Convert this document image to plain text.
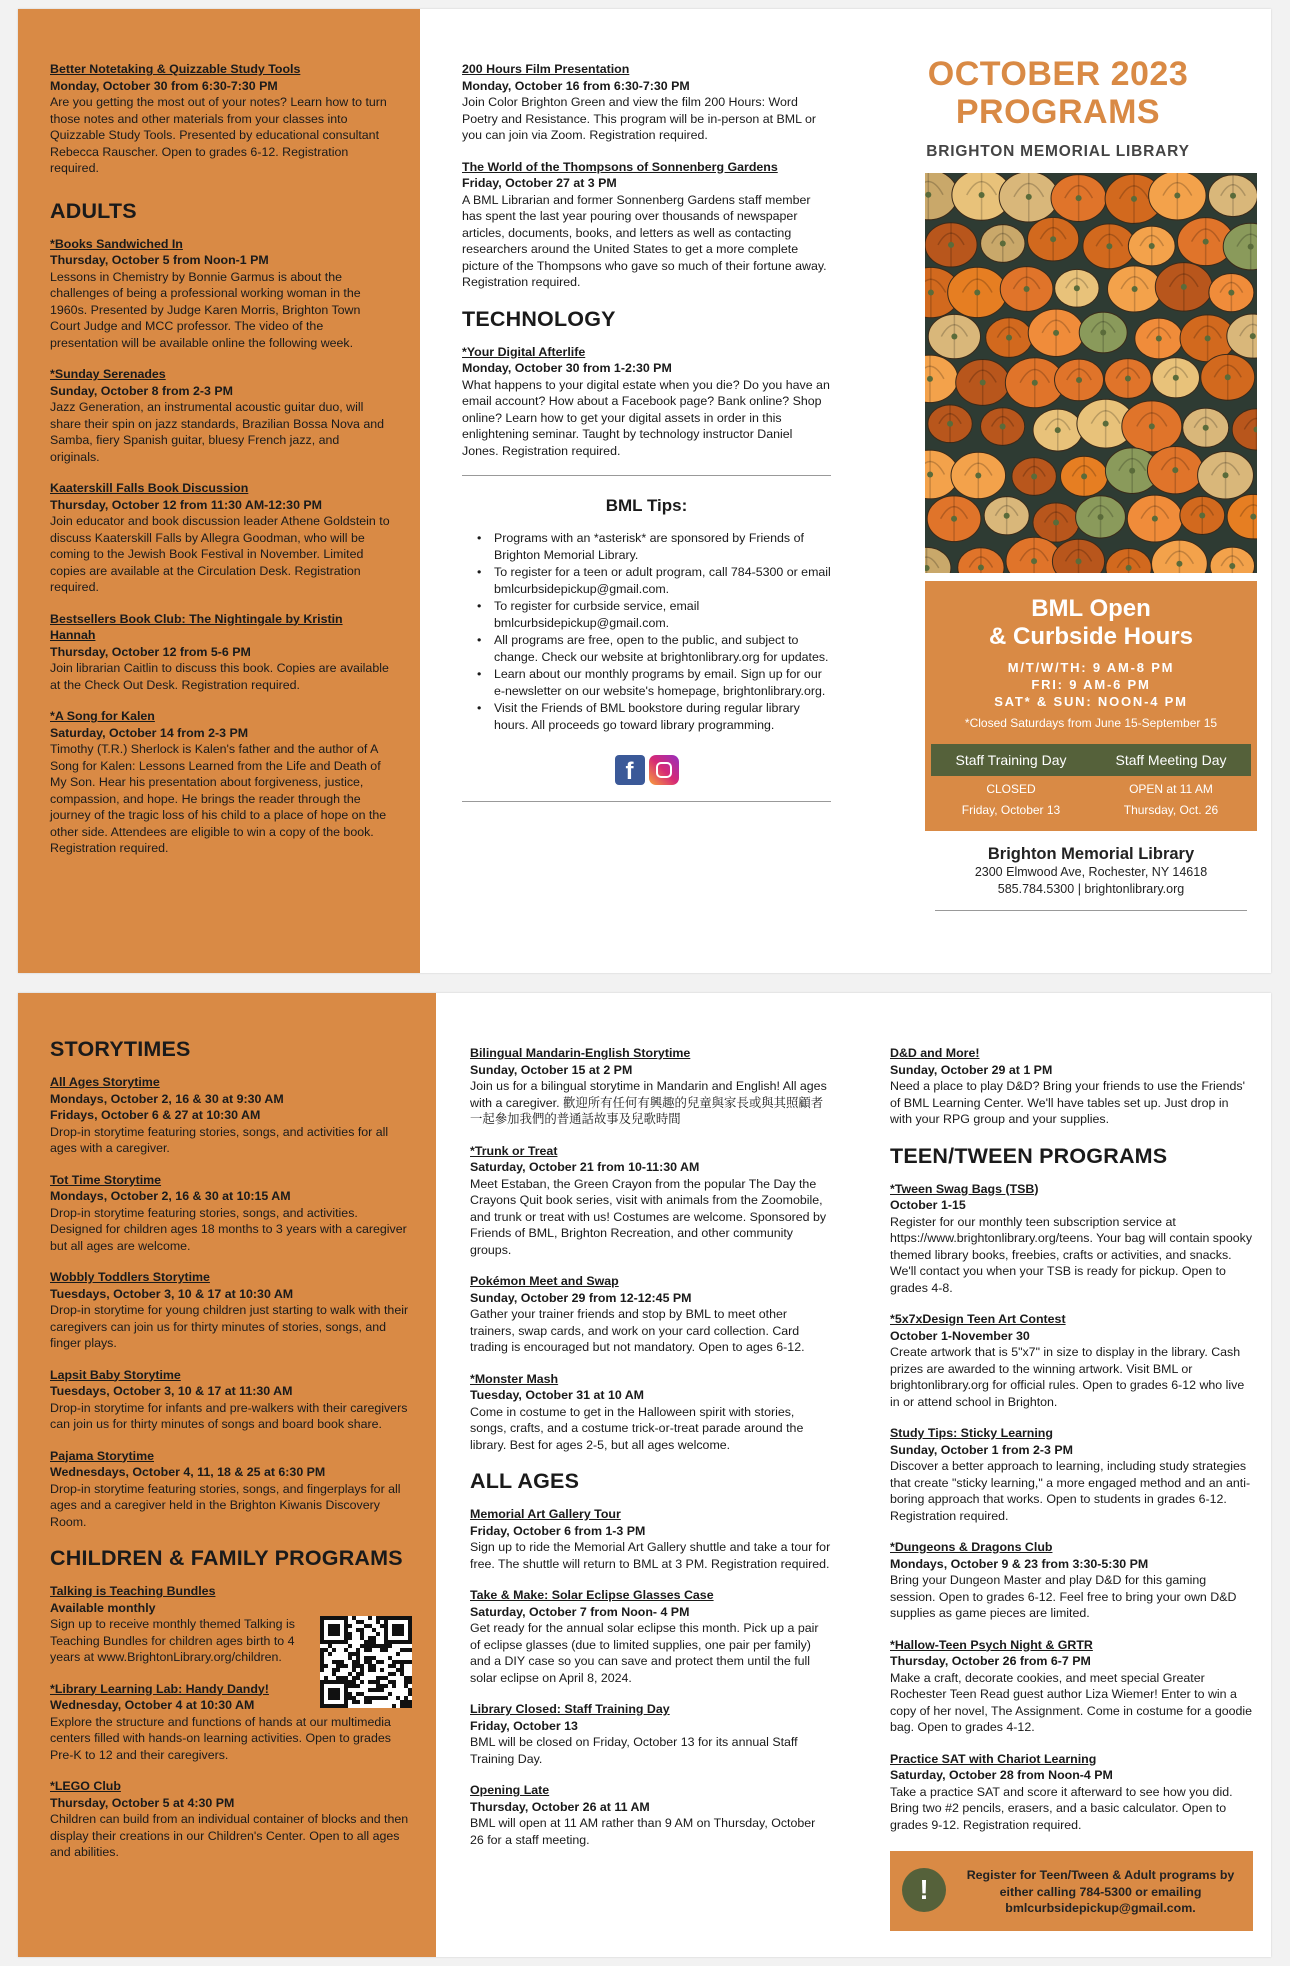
Better Notetaking & Quizzable Study Tools
Monday, October 30 from 6:30-7:30 PM

Are you getting the most out of your notes? Learn how to turn those notes and other materials from your classes into Quizzable Study Tools. Presented by educational consultant Rebecca Rauscher. Open to grades 6-12. Registration required.

ADULTS
*Books Sandwiched In
Thursday, October 5 from Noon-1 PM

Lessons in Chemistry by Bonnie Garmus is about the challenges of being a professional working woman in the 1960s. Presented by Judge Karen Morris, Brighton Town Court Judge and MCC professor. The video of the presentation will be available online the following week.

*Sunday Serenades
Sunday, October 8 from 2-3 PM

Jazz Generation, an instrumental acoustic guitar duo, will share their spin on jazz standards, Brazilian Bossa Nova and Samba, fiery Spanish guitar, bluesy French jazz, and originals.

Kaaterskill Falls Book Discussion
Thursday, October 12 from 11:30 AM-12:30 PM

Join educator and book discussion leader Athene Goldstein to discuss Kaaterskill Falls by Allegra Goodman, who will be coming to the Jewish Book Festival in November. Limited copies are available at the Circulation Desk. Registration required.

Bestsellers Book Club: The Nightingale by Kristin Hannah
Thursday, October 12 from 5-6 PM

Join librarian Caitlin to discuss this book. Copies are available at the Check Out Desk. Registration required.

*A Song for Kalen
Saturday, October 14 from 2-3 PM

Timothy (T.R.) Sherlock is Kalen's father and the author of A Song for Kalen: Lessons Learned from the Life and Death of My Son. Hear his presentation about forgiveness, justice, compassion, and hope. He brings the reader through the journey of the tragic loss of his child to a place of hope on the other side. Attendees are eligible to win a copy of the book. Registration required.

200 Hours Film Presentation
Monday, October 16 from 6:30-7:30 PM

Join Color Brighton Green and view the film 200 Hours: Word Poetry and Resistance. This program will be in-person at BML or you can join via Zoom. Registration required.

The World of the Thompsons of Sonnenberg Gardens
Friday, October 27 at 3 PM

A BML Librarian and former Sonnenberg Gardens staff member has spent the last year pouring over thousands of newspaper articles, documents, books, and letters as well as contacting researchers around the United States to get a more complete picture of the Thompsons who gave so much of their fortune away. Registration required.

TECHNOLOGY
*Your Digital Afterlife
Monday, October 30 from 1-2:30 PM

What happens to your digital estate when you die? Do you have an email account? How about a Facebook page? Bank online? Shop online? Learn how to get your digital assets in order in this enlightening seminar. Taught by technology instructor Daniel Jones. Registration required.

BML Tips:
• Programs with an *asterisk* are sponsored by Friends of Brighton Memorial Library.
• To register for a teen or adult program, call 784-5300 or email bmlcurbsidepickup@gmail.com.
• To register for curbside service, email bmlcurbsidepickup@gmail.com.
• All programs are free, open to the public, and subject to change. Check our website at brightonlibrary.org for updates.
• Learn about our monthly programs by email. Sign up for our e-newsletter on our website's homepage, brightonlibrary.org.
• Visit the Friends of BML bookstore during regular library hours. All proceeds go toward library programming.
f
OCTOBER 2023
PROGRAMS
BRIGHTON MEMORIAL LIBRARY
BML Open
& Curbside Hours
M/T/W/TH: 9 AM-8 PM
FRI: 9 AM-6 PM
SAT* & SUN: NOON-4 PM
*Closed Saturdays from June 15-September 15
Staff Training Day
CLOSED
Friday, October 13
Staff Meeting Day
OPEN at 11 AM
Thursday, Oct. 26
Brighton Memorial Library
2300 Elmwood Ave, Rochester, NY 14618
585.784.5300 | brightonlibrary.org
STORYTIMES
All Ages Storytime
Mondays, October 2, 16 & 30 at 9:30 AM
Fridays, October 6 & 27 at 10:30 AM

Drop-in storytime featuring stories, songs, and activities for all ages with a caregiver.

Tot Time Storytime
Mondays, October 2, 16 & 30 at 10:15 AM

Drop-in storytime featuring stories, songs, and activities. Designed for children ages 18 months to 3 years with a caregiver but all ages are welcome.

Wobbly Toddlers Storytime
Tuesdays, October 3, 10 & 17 at 10:30 AM

Drop-in storytime for young children just starting to walk with their caregivers can join us for thirty minutes of stories, songs, and finger plays.

Lapsit Baby Storytime
Tuesdays, October 3, 10 & 17 at 11:30 AM

Drop-in storytime for infants and pre-walkers with their caregivers can join us for thirty minutes of songs and board book share.

Pajama Storytime
Wednesdays, October 4, 11, 18 & 25 at 6:30 PM

Drop-in storytime featuring stories, songs, and fingerplays for all ages and a caregiver held in the Brighton Kiwanis Discovery Room.

CHILDREN & FAMILY PROGRAMS
Talking is Teaching Bundles
Available monthly

Sign up to receive monthly themed Talking is Teaching Bundles for children ages birth to 4 years at www.BrightonLibrary.org/children.

*Library Learning Lab: Handy Dandy!
Wednesday, October 4 at 10:30 AM

Explore the structure and functions of hands at our multimedia centers filled with hands-on learning activities. Open to grades Pre-K to 12 and their caregivers.

*LEGO Club
Thursday, October 5 at 4:30 PM

Children can build from an individual container of blocks and then display their creations in our Children's Center. Open to all ages and abilities.

Bilingual Mandarin-English Storytime
Sunday, October 15 at 2 PM

Join us for a bilingual storytime in Mandarin and English! All ages with a caregiver. 歡迎所有任何有興趣的兒童與家長或與其照顧者一起參加我們的普通話故事及兒歌時間

*Trunk or Treat
Saturday, October 21 from 10-11:30 AM

Meet Estaban, the Green Crayon from the popular The Day the Crayons Quit book series, visit with animals from the Zoomobile, and trunk or treat with us! Costumes are welcome. Sponsored by Friends of BML, Brighton Recreation, and other community groups.

Pokémon Meet and Swap
Sunday, October 29 from 12-12:45 PM

Gather your trainer friends and stop by BML to meet other trainers, swap cards, and work on your card collection. Card trading is encouraged but not mandatory. Open to ages 6-12.

*Monster Mash
Tuesday, October 31 at 10 AM

Come in costume to get in the Halloween spirit with stories, songs, crafts, and a costume trick-or-treat parade around the library. Best for ages 2-5, but all ages welcome.

ALL AGES
Memorial Art Gallery Tour
Friday, October 6 from 1-3 PM

Sign up to ride the Memorial Art Gallery shuttle and take a tour for free. The shuttle will return to BML at 3 PM. Registration required.

Take & Make: Solar Eclipse Glasses Case
Saturday, October 7 from Noon- 4 PM

Get ready for the annual solar eclipse this month. Pick up a pair of eclipse glasses (due to limited supplies, one pair per family) and a DIY case so you can save and protect them until the full solar eclipse on April 8, 2024.

Library Closed: Staff Training Day
Friday, October 13

BML will be closed on Friday, October 13 for its annual Staff Training Day.

Opening Late
Thursday, October 26 at 11 AM

BML will open at 11 AM rather than 9 AM on Thursday, October 26 for a staff meeting.

D&D and More!
Sunday, October 29 at 1 PM

Need a place to play D&D? Bring your friends to use the Friends' of BML Learning Center. We'll have tables set up. Just drop in with your RPG group and your supplies.

TEEN/TWEEN PROGRAMS
*Tween Swag Bags (TSB)
October 1-15

Register for our monthly teen subscription service at https://www.brightonlibrary.org/teens. Your bag will contain spooky themed library books, freebies, crafts or activities, and snacks. We'll contact you when your TSB is ready for pickup. Open to grades 4-8.

*5x7xDesign Teen Art Contest
October 1-November 30

Create artwork that is 5"x7" in size to display in the library. Cash prizes are awarded to the winning artwork. Visit BML or brightonlibrary.org for official rules. Open to grades 6-12 who live in or attend school in Brighton.

Study Tips: Sticky Learning
Sunday, October 1 from 2-3 PM

Discover a better approach to learning, including study strategies that create "sticky learning," a more engaged method and an anti-boring approach that works. Open to students in grades 6-12. Registration required.

*Dungeons & Dragons Club
Mondays, October 9 & 23 from 3:30-5:30 PM

Bring your Dungeon Master and play D&D for this gaming session. Open to grades 6-12. Feel free to bring your own D&D supplies as game pieces are limited.

*Hallow-Teen Psych Night & GRTR
Thursday, October 26 from 6-7 PM

Make a craft, decorate cookies, and meet special Greater Rochester Teen Read guest author Liza Wiemer! Enter to win a copy of her novel, The Assignment. Come in costume for a goodie bag. Open to grades 4-12.

Practice SAT with Chariot Learning
Saturday, October 28 from Noon-4 PM

Take a practice SAT and score it afterward to see how you did. Bring two #2 pencils, erasers, and a basic calculator. Open to grades 9-12. Registration required.

!	Register for Teen/Tween & Adult programs by either calling 784-5300 or emailing bmlcurbsidepickup@gmail.com.
